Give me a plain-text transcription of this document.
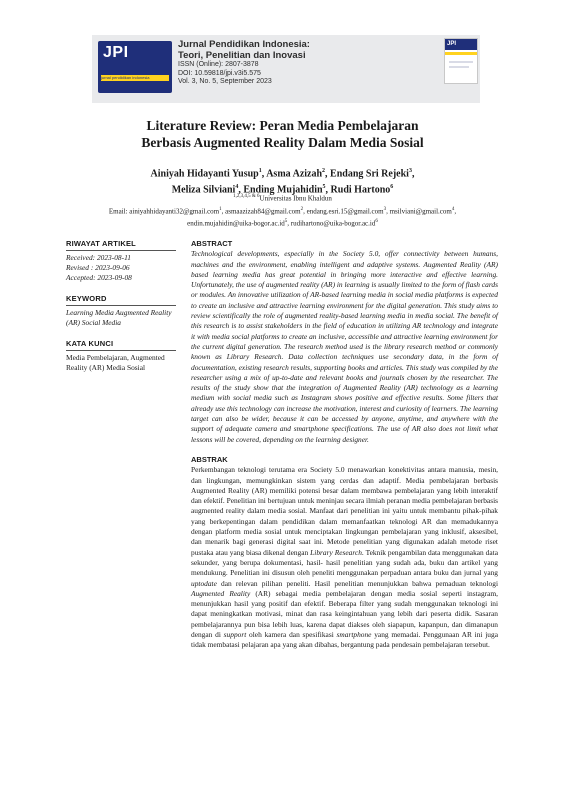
JPI
jurnal pendidikan indonesia
Jurnal Pendidikan Indonesia:
Teori, Penelitian dan Inovasi
ISSN (Online): 2807-3878
DOI: 10.59818/jpi.v3i5.575
Vol. 3, No. 5, September 2023
JPI
Literature Review: Peran Media Pembelajaran
Berbasis Augmented Reality Dalam Media Sosial
Ainiyah Hidayanti Yusup$^1$, Asma Azizah$^2$, Endang Sri Rejeki$^3$,
Meliza Silviani$^4$, Ending Mujahidin$^5$, Rudi Hartono$^6$
$^{1,2,3,4,5 \& 6}$Universitas Ibnu Khaldun
Email: ainiyahhidayanti32@gmail.com$^1$, asmaazizah84@gmail.com$^2$, endang.esri.15@gmail.com$^3$, msilviani@gmail.com$^4$,
$endin.mujahidin@uika-bogor.ac.id^5$, $rudihartono@uika-bogor.ac.id^6$
RIWAYAT ARTIKEL
Received: 2023-08-11
Revised : 2023-09-06
Accepted: 2023-09-08
KEYWORD
Learning Media Augmented Reality (AR) Social Media
KATA KUNCI
Media Pembelajaran, Augmented Reality (AR) Media Sosial
ABSTRACT
Technological developments, especially in the Society 5.0, offer connectivity between humans, machines and the environment, enabling intelligent and adaptive systems. Augmented Reality (AR) based learning media has great potential in bringing more interactive and effective learning. Unfortunately, the use of augmented reality (AR) in learning is usually limited to the form of flash cards or modules. An innovative utilization of AR-based learning media in social media platforms is expected to create an inclusive and attractive learning environment for the digital generation. This study aims to review scientifically the role of augmented reality-based learning media in media social. The benefit of this research is to assist stakeholders in the field of education in utilizing AR technology and integrate it with media social platforms to create an inclusive, accessible and attractive learning environment for the current digital generation. The research method used is the library research method or commonly known as Library Research. Data collection techniques use secondary data, in the form of documentation, existing research results, supporting books and articles. This study was compiled by the researcher using a mix of up-to-date and relevant books and journals chosen by the researcher. The results of the study show that the integration of Augmented Reality (AR) technology as a learning medium with social media such as Instagram shows positive and effective results. Some filters that already use this technology can increase the motivation, interest and curiosity of learners. The learning target can also be wider, because it can be accessed by anyone, anytime, and anywhere with the support of adequate camera and smartphone specifications. The use of AR also does not limit what lessons will be covered, depending on the learning designer.
ABSTRAK
Perkembangan teknologi terutama era Society 5.0 menawarkan konektivitas antara manusia, mesin, dan lingkungan, memungkinkan sistem yang cerdas dan adaptif. Media pembelajaran berbasis Augmented Reality (AR) memiliki potensi besar dalam membawa pembelajaran yang lebih interaktif dan efektif. Penelitian ini bertujuan untuk meninjau secara ilmiah peranan media pembelajaran berbasis augmented reality dalam media sosial. Manfaat dari penelitian ini yaitu untuk membantu pihak-pihak yang berkepentingan dalam pendidikan dalam memanfaatkan teknologi AR dan memadukannya dengan platform media sosial untuk menciptakan lingkungan pembelajaran yang inklusif, aksesibel, dan menarik bagi generasi digital saat ini. Metode penelitian yang digunakan adalah metode riset pustaka atau yang biasa dikenal dengan Library Research. Teknik pengambilan data menggunakan data sekunder, yang berupa dokumentasi, hasil- hasil penelitian yang sudah ada, buku dan artikel yang mendukung. Penelitian ini disusun oleh peneliti menggunakan perpaduan antara buku dan jurnal yang uptodate dan relevan pilihan peneliti. Hasil penelitian menunjukkan bahwa pemaduan teknologi Augmented Reality (AR) sebagai media pembelajaran dengan media sosial seperti instagram, menunjukkan hasil yang positif dan efektif. Beberapa filter yang sudah menggunakan teknologi ini dapat meningkatkan motivasi, minat dan rasa keingintahuan yang lebih dari peserta didik. Sasaran pembelajarannya pun bisa lebih luas, karena dapat diakses oleh siapapun, kapanpun, dan dimanapun dengan di support oleh kamera dan spesifikasi smartphone yang memadai. Penggunaan AR ini juga tidak membatasi pelajaran apa yang akan dibahas, bergantung pada pendesain pembelajaran tersebut.
